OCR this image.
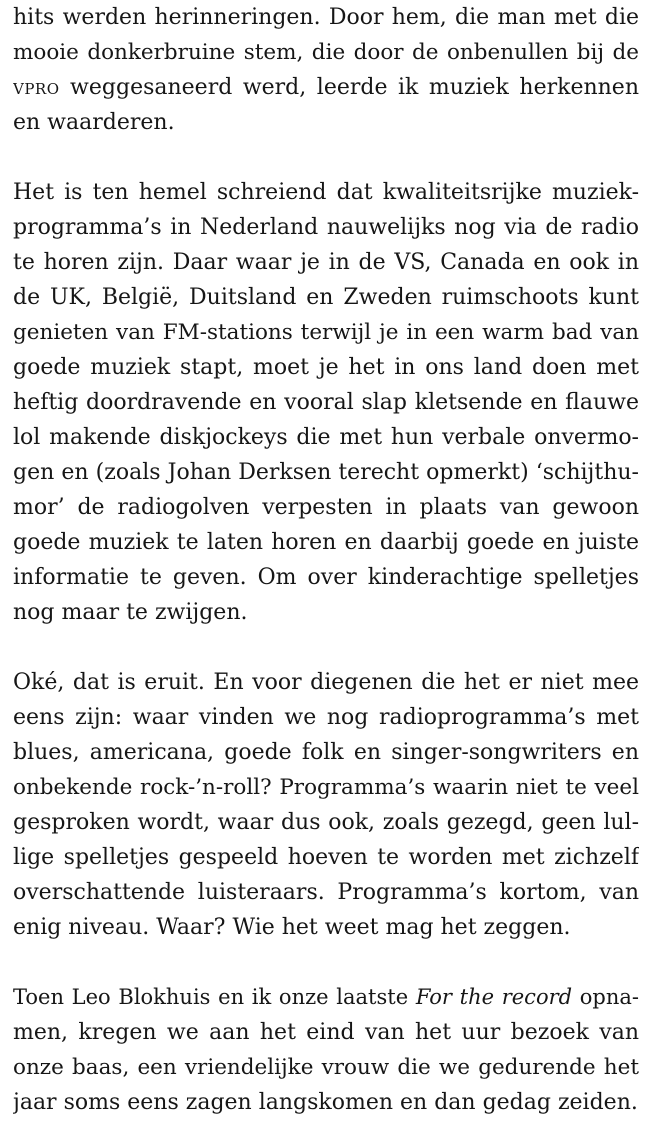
hits werden herinneringen. Door hem, die man met die
mooie donkerbruine stem, die door de onbenullen bij de
vpro weggesaneerd werd, leerde ik muziek herkennen
en waarderen.
Het is ten hemel schreiend dat kwaliteitsrijke muziek-
programma’s in Nederland nauwelijks nog via de radio
te horen zijn. Daar waar je in de VS, Canada en ook in
de UK, België, Duitsland en Zweden ruimschoots kunt
genieten van FM-stations terwijl je in een warm bad van
goede muziek stapt, moet je het in ons land doen met
heftig doordravende en vooral slap kletsende en flauwe
lol makende diskjockeys die met hun verbale onvermo-
gen en (zoals Johan Derksen terecht opmerkt) ‘schijthu-
mor’ de radiogolven verpesten in plaats van gewoon
goede muziek te laten horen en daarbij goede en juiste
informatie te geven. Om over kinderachtige spelletjes
nog maar te zwijgen.
Oké, dat is eruit. En voor diegenen die het er niet mee
eens zijn: waar vinden we nog radioprogramma’s met
blues, americana, goede folk en singer-songwriters en
onbekende rock-’n-roll? Programma’s waarin niet te veel
gesproken wordt, waar dus ook, zoals gezegd, geen lul-
lige spelletjes gespeeld hoeven te worden met zichzelf
overschattende luisteraars. Programma’s kortom, van
enig niveau. Waar? Wie het weet mag het zeggen.
Toen Leo Blokhuis en ik onze laatste For the record opna-
men, kregen we aan het eind van het uur bezoek van
onze baas, een vriendelijke vrouw die we gedurende het
jaar soms eens zagen langskomen en dan gedag zeiden.
